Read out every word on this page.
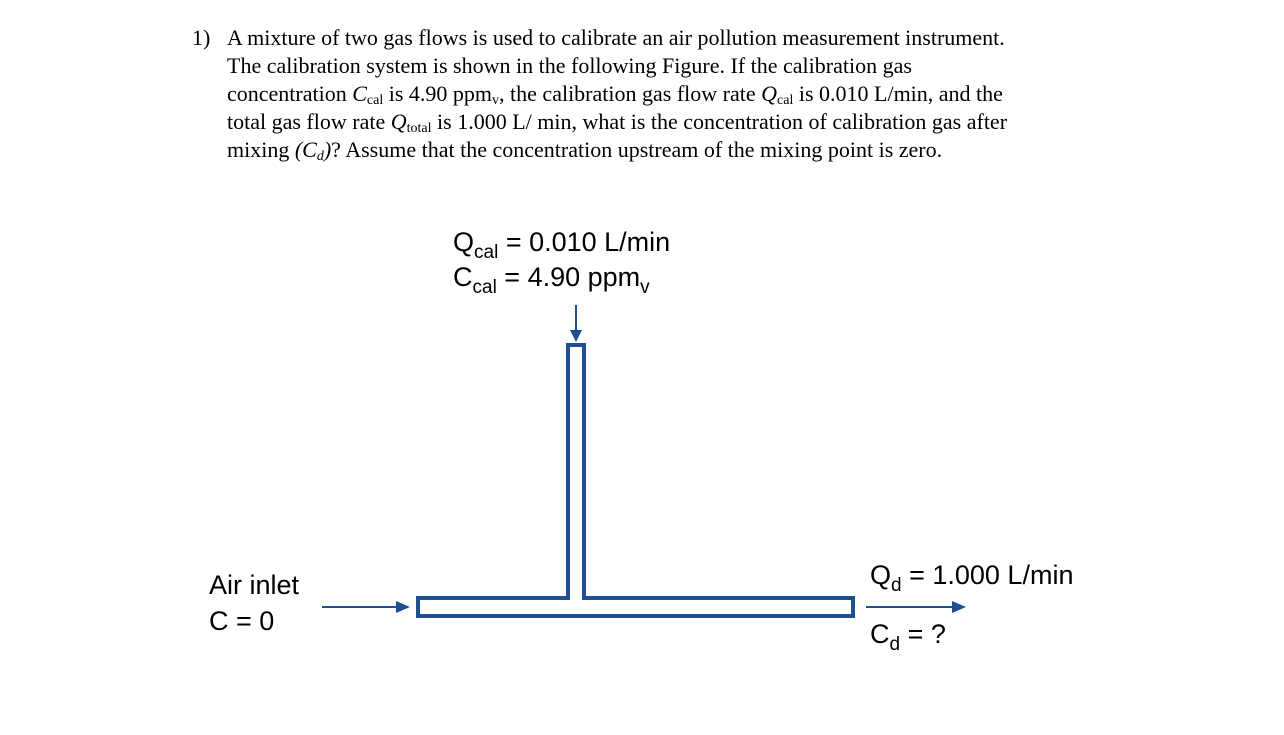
1) A mixture of two gas flows is used to calibrate an air pollution measurement instrument.
The calibration system is shown in the following Figure. If the calibration gas
concentration $C_{cal}$ is 4.90 ppm$_v$, the calibration gas flow rate $Q_{cal}$ is 0.010 L/min, and the
total gas flow rate $Q_{total}$ is 1.000 L/ min, what is the concentration of calibration gas after
mixing $(C_d)$? Assume that the concentration upstream of the mixing point is zero.
$Q_{cal} = 0.010$ L/min
$C_{cal} = 4.90$ ppm$_v$
Air inlet
C = 0
$Q_d = 1.000$ L/min
$C_d$ = ?
